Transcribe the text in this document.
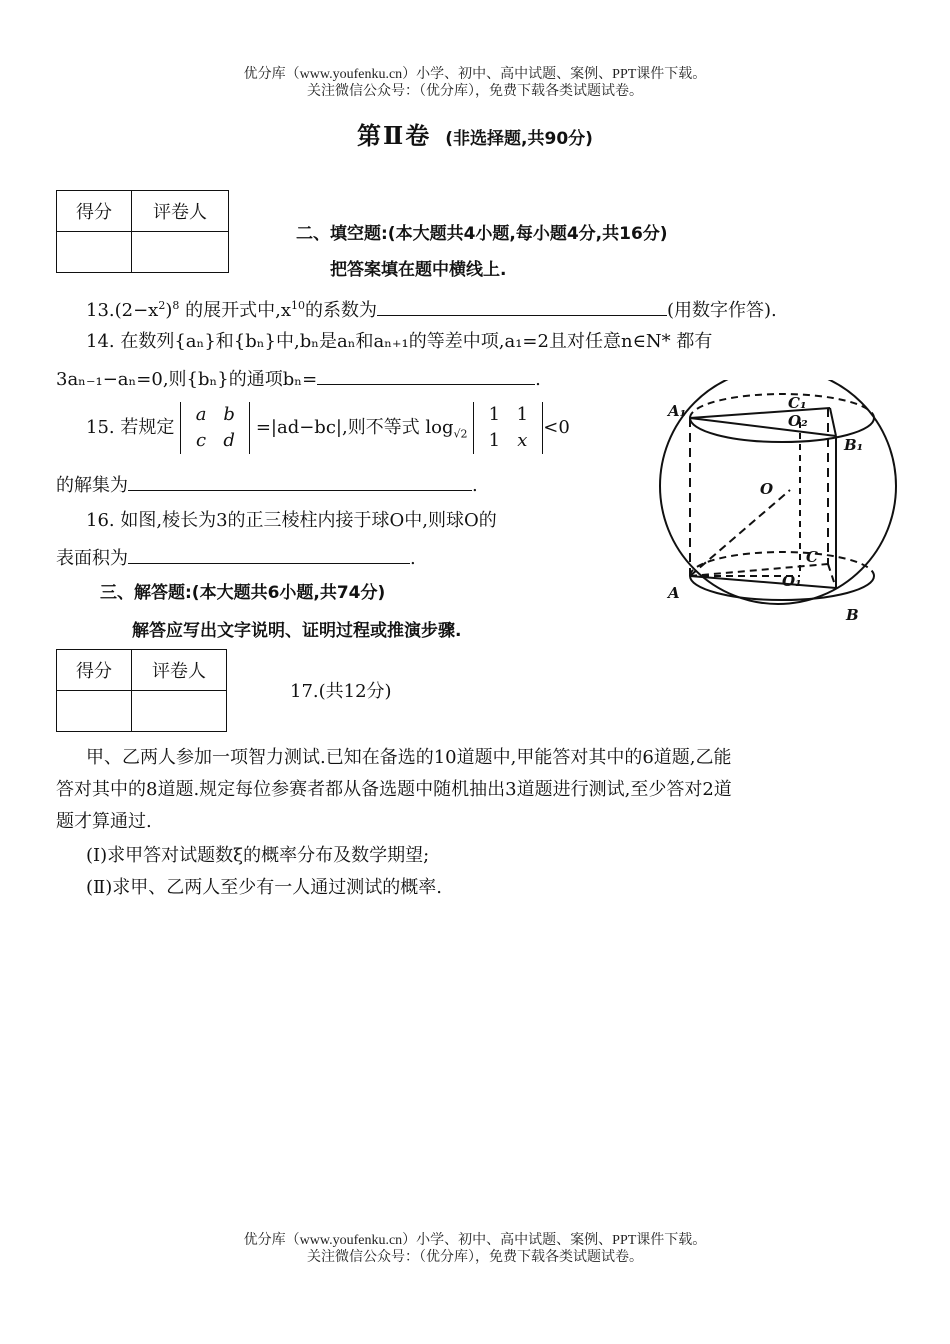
优分库（www.youfenku.cn）小学、初中、高中试题、案例、PPT课件下载。
关注微信公众号：（优分库），免费下载各类试题试卷。
第Ⅱ卷 (非选择题,共90分)
得分	评卷人

二、填空题:(本大题共4小题,每小题4分,共16分)
把答案填在题中横线上.
$13.(2-x^2)^8$ 的展开式中$,x^{10}$的系数为	(用数字作答).
14. 在数列{aₙ}和{bₙ}中,bₙ是aₙ和aₙ₊₁的等差中项,a₁=2且对任意n∈N* 都有
3aₙ₋₁−aₙ=0,则{bₙ}的通项bₙ=	.
15. 若规定 a b
c d =|ad−bc|,则不等式 $\log_{√2} 1$ 1
1 x<0
的解集为	.
16. 如图,棱长为3的正三棱柱内接于球O中,则球O的
表面积为	.
三、解答题:(本大题共6小题,共74分)
解答应写出文字说明、证明过程或推演步骤.
得分	评卷人

17.(共12分)
甲、乙两人参加一项智力测试.已知在备选的10道题中,甲能答对其中的6道题,乙能
答对其中的8道题.规定每位参赛者都从备选题中随机抽出3道题进行测试,至少答对2道
题才算通过.
(Ⅰ)求甲答对试题数ξ的概率分布及数学期望;
(Ⅱ)求甲、乙两人至少有一人通过测试的概率.
A₁	C₁
O₂
B₁
O
C
O₁
A
B
优分库（www.youfenku.cn）小学、初中、高中试题、案例、PPT课件下载。
关注微信公众号：（优分库），免费下载各类试题试卷。
